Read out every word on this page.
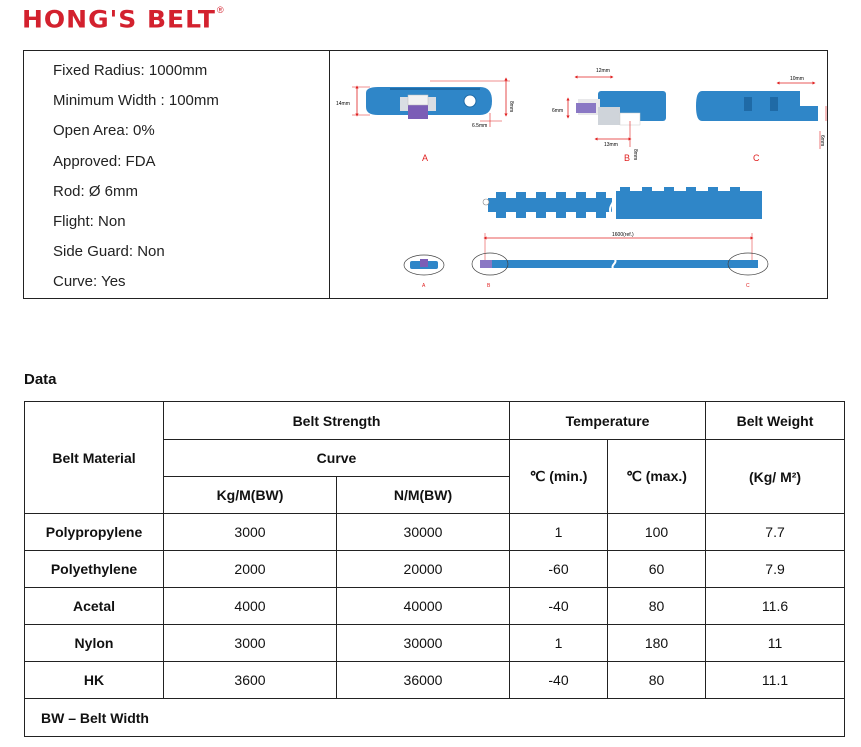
HONG'S BELT ®
Fixed Radius: 1000mm
Minimum Width : 100mm
Open Area: 0%
Approved: FDA
Rod: Ø 6mm
Flight: Non
Side Guard: Non
Curve: Yes
14mm	8mm
6.5mm
A
12mm
6mm
13mm
8mm
B
10mm
6mm
C
1600(ref.)
A	B	C
Data
Belt Material	Belt Strength		Temperature		Belt Weight
	Curve		℃ (min.)	℃ (max.)	(Kg/ M²)
	Kg/M(BW)	N/M(BW)			
Polypropylene	3000	30000	1	100	7.7
Polyethylene	2000	20000	-60	60	7.9
Acetal	4000	40000	-40	80	11.6
Nylon	3000	30000	1	180	11
HK	3600	36000	-40	80	11.1
BW – Belt Width					
